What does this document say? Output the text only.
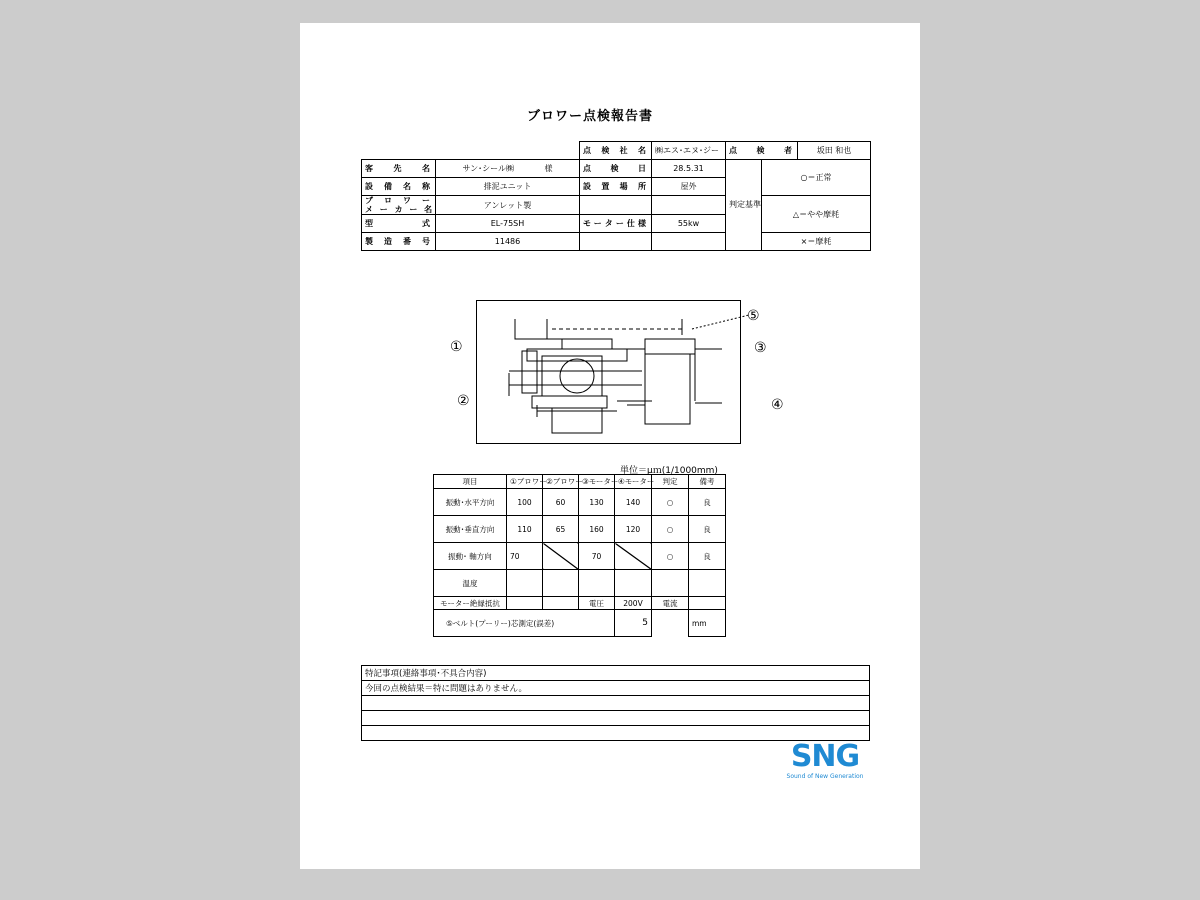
ブロワー点検報告書
		点 検 社 名	㈱エス･エヌ･ジー	点 検 者		坂田 和也
客 先 名	サン･シール㈱ 様	点 検 日	28.5.31	判定基準	○＝正常	
設 備 名 称	排泥ユニット	設 置 場 所	屋外			

ブ ロ ワ ー
メ ー カ ー 名	アンレット製				△＝やや摩耗	
型 式	EL-75SH	モーター仕様	55kw			
製 造 番 号	11486				×＝摩耗	
①
②
③
④
⑤
単位＝μｍ(1/1000mm)
項目	①ブロワー	②ブロワー	③モーター	④モーター	判定	備考
振動･水平方向	100	60	130	140	○	良
振動･垂直方向	110	65	160	120	○	良
振動･ 軸方向	70		70		○	良
温度						
モーター絶縁抵抗			電圧	200V	電流	
⑤ベルト(プーリー)芯測定(誤差)				5		mm
特記事項(連絡事項･不具合内容)
今回の点検結果＝特に問題はありません。

SNG
Sound of New Generation
